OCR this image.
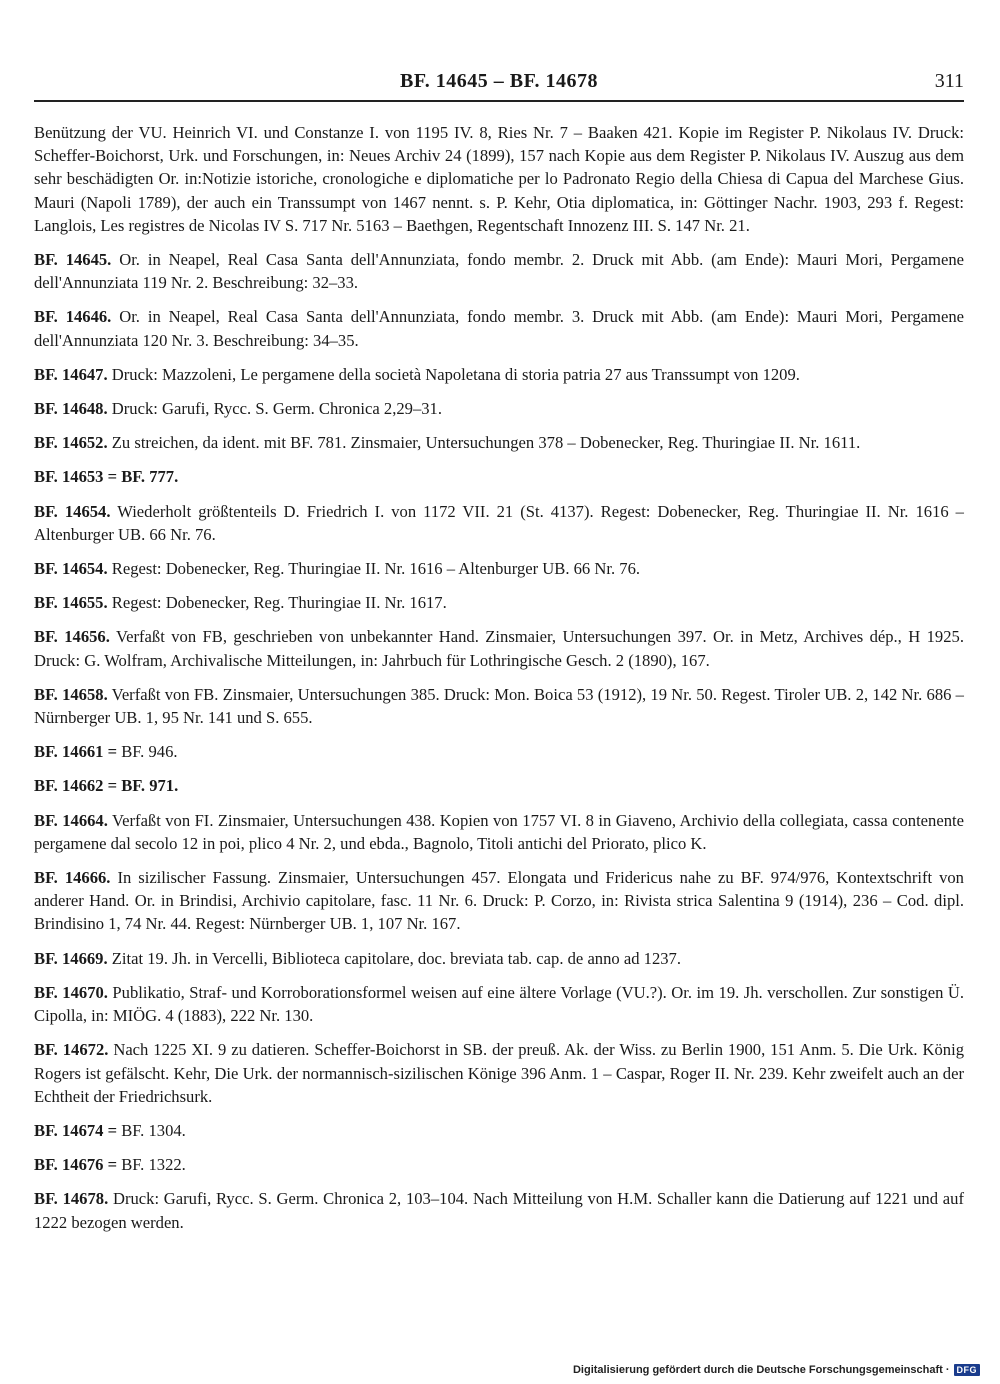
BF. 14645 – BF. 14678	311

Benützung der VU. Heinrich VI. und Constanze I. von 1195 IV. 8, Ries Nr. 7 – Baaken 421. Kopie im Register P. Nikolaus IV. Druck: Scheffer-Boichorst, Urk. und Forschungen, in: Neues Archiv 24 (1899), 157 nach Kopie aus dem Register P. Nikolaus IV. Auszug aus dem sehr beschädigten Or. in:Notizie istoriche, cronologiche e diplomatiche per lo Padronato Regio della Chiesa di Capua del Marchese Gius. Mauri (Napoli 1789), der auch ein Transsumpt von 1467 nennt. s. P. Kehr, Otia diplomatica, in: Göttinger Nachr. 1903, 293 f. Regest: Langlois, Les registres de Nicolas IV S. 717 Nr. 5163 – Baethgen, Regentschaft Innozenz III. S. 147 Nr. 21.

BF. 14645. Or. in Neapel, Real Casa Santa dell'Annunziata, fondo membr. 2. Druck mit Abb. (am Ende): Mauri Mori, Pergamene dell'Annunziata 119 Nr. 2. Beschreibung: 32–33.

BF. 14646. Or. in Neapel, Real Casa Santa dell'Annunziata, fondo membr. 3. Druck mit Abb. (am Ende): Mauri Mori, Pergamene dell'Annunziata 120 Nr. 3. Beschreibung: 34–35.

BF. 14647. Druck: Mazzoleni, Le pergamene della società Napoletana di storia patria 27 aus Transsumpt von 1209.

BF. 14648. Druck: Garufi, Rycc. S. Germ. Chronica 2,29–31.

BF. 14652. Zu streichen, da ident. mit BF. 781. Zinsmaier, Untersuchungen 378 – Dobenecker, Reg. Thuringiae II. Nr. 1611.

BF. 14653 = BF. 777.

BF. 14654. Wiederholt größtenteils D. Friedrich I. von 1172 VII. 21 (St. 4137). Regest: Dobenecker, Reg. Thuringiae II. Nr. 1616 – Altenburger UB. 66 Nr. 76.

BF. 14654. Regest: Dobenecker, Reg. Thuringiae II. Nr. 1616 – Altenburger UB. 66 Nr. 76.

BF. 14655. Regest: Dobenecker, Reg. Thuringiae II. Nr. 1617.

BF. 14656. Verfaßt von FB, geschrieben von unbekannter Hand. Zinsmaier, Untersuchungen 397. Or. in Metz, Archives dép., H 1925. Druck: G. Wolfram, Archivalische Mitteilungen, in: Jahrbuch für Lothringische Gesch. 2 (1890), 167.

BF. 14658. Verfaßt von FB. Zinsmaier, Untersuchungen 385. Druck: Mon. Boica 53 (1912), 19 Nr. 50. Regest. Tiroler UB. 2, 142 Nr. 686 – Nürnberger UB. 1, 95 Nr. 141 und S. 655.

BF. 14661 = BF. 946.

BF. 14662 = BF. 971.

BF. 14664. Verfaßt von FI. Zinsmaier, Untersuchungen 438. Kopien von 1757 VI. 8 in Giaveno, Archivio della collegiata, cassa contenente pergamene dal secolo 12 in poi, plico 4 Nr. 2, und ebda., Bagnolo, Titoli antichi del Priorato, plico K.

BF. 14666. In sizilischer Fassung. Zinsmaier, Untersuchungen 457. Elongata und Fridericus nahe zu BF. 974/976, Kontextschrift von anderer Hand. Or. in Brindisi, Archivio capitolare, fasc. 11 Nr. 6. Druck: P. Corzo, in: Rivista strica Salentina 9 (1914), 236 – Cod. dipl. Brindisino 1, 74 Nr. 44. Regest: Nürnberger UB. 1, 107 Nr. 167.

BF. 14669. Zitat 19. Jh. in Vercelli, Biblioteca capitolare, doc. breviata tab. cap. de anno ad 1237.

BF. 14670. Publikatio, Straf- und Korroborationsformel weisen auf eine ältere Vorlage (VU.?). Or. im 19. Jh. verschollen. Zur sonstigen Ü. Cipolla, in: MIÖG. 4 (1883), 222 Nr. 130.

BF. 14672. Nach 1225 XI. 9 zu datieren. Scheffer-Boichorst in SB. der preuß. Ak. der Wiss. zu Berlin 1900, 151 Anm. 5. Die Urk. König Rogers ist gefälscht. Kehr, Die Urk. der normannisch-sizilischen Könige 396 Anm. 1 – Caspar, Roger II. Nr. 239. Kehr zweifelt auch an der Echtheit der Friedrichsurk.

BF. 14674 = BF. 1304.

BF. 14676 = BF. 1322.

BF. 14678. Druck: Garufi, Rycc. S. Germ. Chronica 2, 103–104. Nach Mitteilung von H.M. Schaller kann die Datierung auf 1221 und auf 1222 bezogen werden.

Digitalisierung gefördert durch die Deutsche Forschungsgemeinschaft · DFG
